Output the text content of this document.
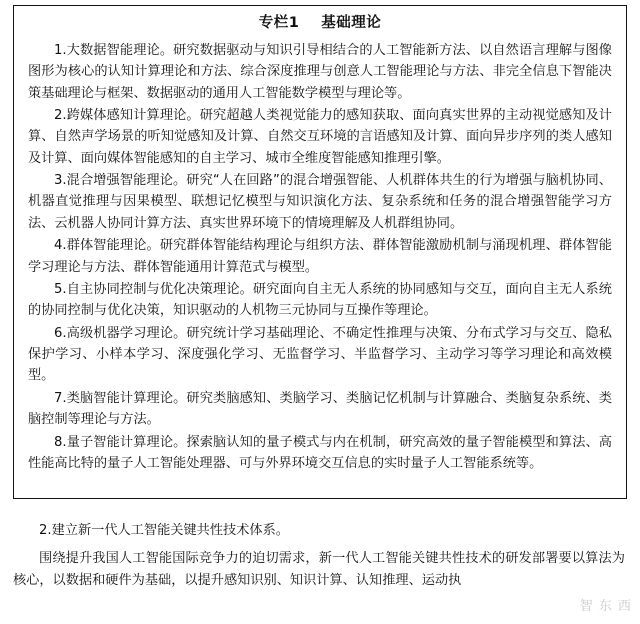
专栏1 基础理论

1.大数据智能理论。研究数据驱动与知识引导相结合的人工智能新方法、以自然语言理解与图像图形为核心的认知计算理论和方法、综合深度推理与创意人工智能理论与方法、非完全信息下智能决策基础理论与框架、数据驱动的通用人工智能数学模型与理论等。

2.跨媒体感知计算理论。研究超越人类视觉能力的感知获取、面向真实世界的主动视觉感知及计算、自然声学场景的听知觉感知及计算、自然交互环境的言语感知及计算、面向异步序列的类人感知及计算、面向媒体智能感知的自主学习、城市全维度智能感知推理引擎。

3.混合增强智能理论。研究“人在回路”的混合增强智能、人机群体共生的行为增强与脑机协同、机器直觉推理与因果模型、联想记忆模型与知识演化方法、复杂系统和任务的混合增强智能学习方法、云机器人协同计算方法、真实世界环境下的情境理解及人机群组协同。

4.群体智能理论。研究群体智能结构理论与组织方法、群体智能激励机制与涌现机理、群体智能学习理论与方法、群体智能通用计算范式与模型。

5.自主协同控制与优化决策理论。研究面向自主无人系统的协同感知与交互，面向自主无人系统的协同控制与优化决策，知识驱动的人机物三元协同与互操作等理论。

6.高级机器学习理论。研究统计学习基础理论、不确定性推理与决策、分布式学习与交互、隐私保护学习、小样本学习、深度强化学习、无监督学习、半监督学习、主动学习等学习理论和高效模型。

7.类脑智能计算理论。研究类脑感知、类脑学习、类脑记忆机制与计算融合、类脑复杂系统、类脑控制等理论与方法。

8.量子智能计算理论。探索脑认知的量子模式与内在机制，研究高效的量子智能模型和算法、高性能高比特的量子人工智能处理器、可与外界环境交互信息的实时量子人工智能系统等。

2.建立新一代人工智能关键共性技术体系。

围绕提升我国人工智能国际竞争力的迫切需求，新一代人工智能关键共性技术的研发部署要以算法为核心，以数据和硬件为基础，以提升感知识别、知识计算、认知推理、运动执

智 东 西
